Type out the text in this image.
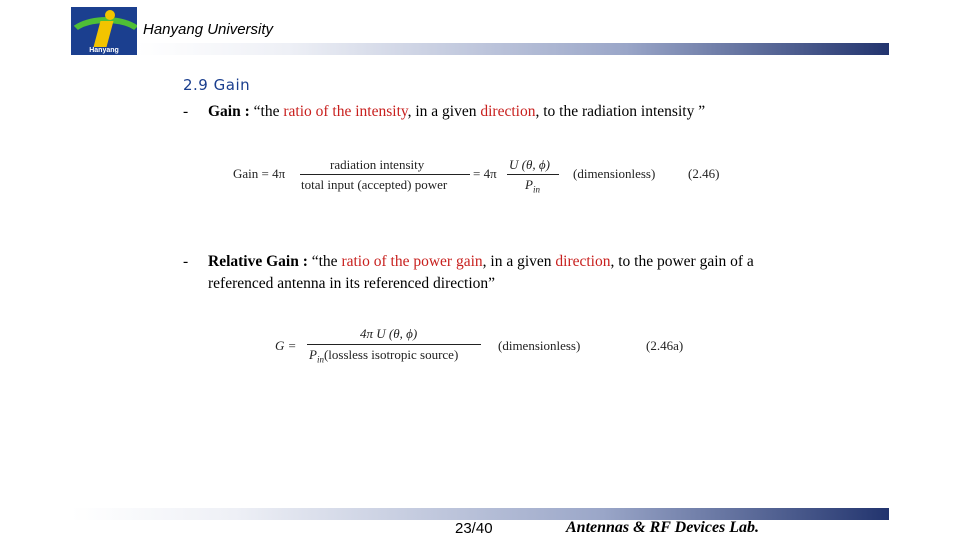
Hanyang
Hanyang University
2.9 Gain
- Gain : “the ratio of the intensity, in a given direction, to the radiation intensity ”
Gain = 4π
radiation intensity
total input (accepted) power
= 4π
U (θ, ϕ)
$P_{in}$
(dimensionless)	(2.46)
- Relative Gain : “the ratio of the power gain, in a given direction, to the power gain of a referenced antenna in its referenced direction”
G =
4π U (θ, ϕ)
$P_{in}(lossless$ isotropic source)
(dimensionless)	(2.46a)
23/40	Antennas & RF Devices Lab.
